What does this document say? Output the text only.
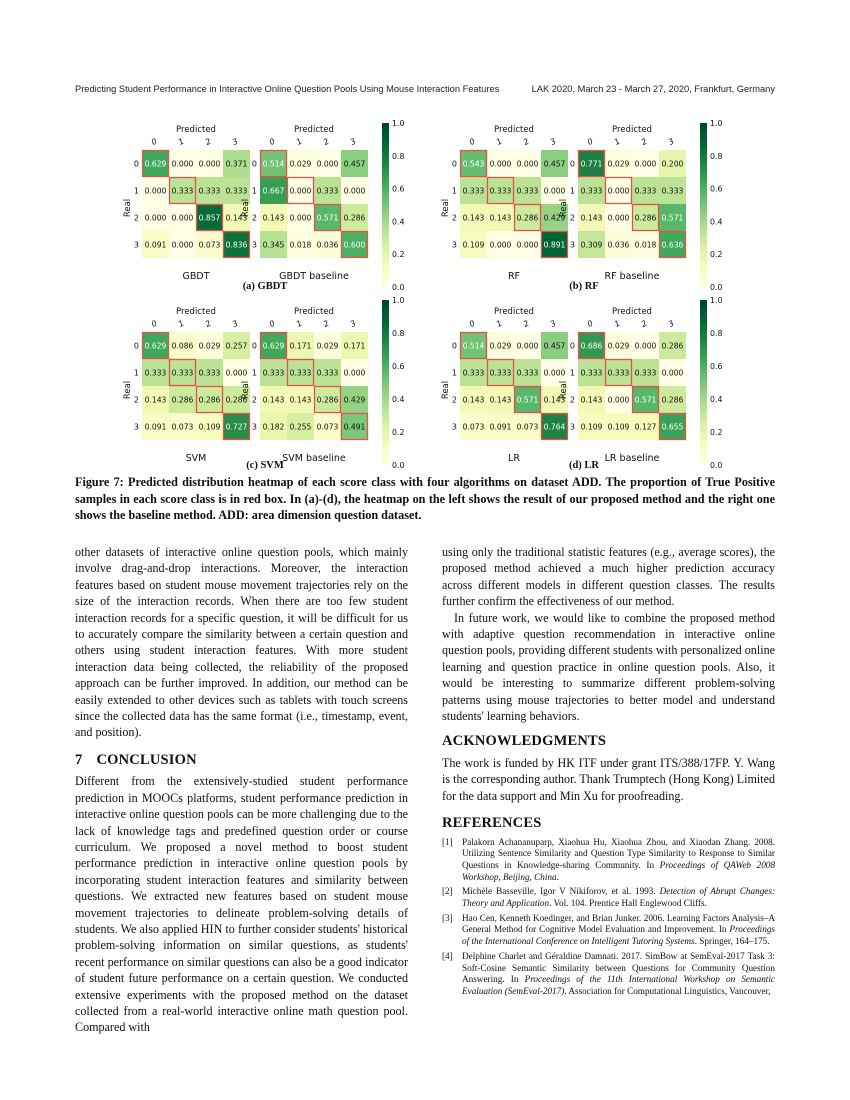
Predicting Student Performance in Interactive Online Question Pools Using Mouse Interaction Features	LAK 2020, March 23 - March 27, 2020, Frankfurt, Germany
Predicted
0 1 2 3
0 0.629 0.000 0.000 0.371
1 0.000 0.333 0.333 0.333
2 0.000 0.000 0.857 0.143
3 0.091 0.000 0.073 0.836
GBDT
Real
Real
Predicted
0 1 2 3
0 0.514 0.029 0.000 0.457
1 0.667 0.000 0.333 0.000
2 0.143 0.000 0.571 0.286
3 0.345 0.018 0.036 0.600
GBDT baseline
0.0
0.2
0.4
0.6
0.8
1.0
(a) GBDT
Predicted
0 1 2 3
0 0.543 0.000 0.000 0.457
1 0.333 0.333 0.333 0.000
2 0.143 0.143 0.286 0.429
3 0.109 0.000 0.000 0.891
RF
Real
Real
Predicted
0 1 2 3
0 0.771 0.029 0.000 0.200
1 0.333 0.000 0.333 0.333
2 0.143 0.000 0.286 0.571
3 0.309 0.036 0.018 0.636
RF baseline
0.0
0.2
0.4
0.6
0.8
1.0
(b) RF
Predicted
0 1 2 3
0 0.629 0.086 0.029 0.257
1 0.333 0.333 0.333 0.000
2 0.143 0.286 0.286 0.286
3 0.091 0.073 0.109 0.727
SVM
Real
Real
Predicted
0 1 2 3
0 0.629 0.171 0.029 0.171
1 0.333 0.333 0.333 0.000
2 0.143 0.143 0.286 0.429
3 0.182 0.255 0.073 0.491
SVM baseline
0.0
0.2
0.4
0.6
0.8
1.0
(c) SVM
Predicted
0 1 2 3
0 0.514 0.029 0.000 0.457
1 0.333 0.333 0.333 0.000
2 0.143 0.143 0.571 0.143
3 0.073 0.091 0.073 0.764
LR
Real
Real
Predicted
0 1 2 3
0 0.686 0.029 0.000 0.286
1 0.333 0.333 0.333 0.000
2 0.143 0.000 0.571 0.286
3 0.109 0.109 0.127 0.655
LR baseline
0.0
0.2
0.4
0.6
0.8
1.0
(d) LR
Figure 7: Predicted distribution heatmap of each score class with four algorithms on dataset ADD. The proportion of True Positive samples in each score class is in red box. In (a)-(d), the heatmap on the left shows the result of our proposed method and the right one shows the baseline method. ADD: area dimension question dataset.

other datasets of interactive online question pools, which mainly involve drag-and-drop interactions. Moreover, the interaction features based on student mouse movement trajectories rely on the size of the interaction records. When there are too few student interaction records for a specific question, it will be difficult for us to accurately compare the similarity between a certain question and others using student interaction features. With more student interaction data being collected, the reliability of the proposed approach can be further improved. In addition, our method can be easily extended to other devices such as tablets with touch screens since the collected data has the same format (i.e., timestamp, event, and position).

7 CONCLUSION

Different from the extensively-studied student performance prediction in MOOCs platforms, student performance prediction in interactive online question pools can be more challenging due to the lack of knowledge tags and predefined question order or course curriculum. We proposed a novel method to boost student performance prediction in interactive online question pools by incorporating student interaction features and similarity between questions. We extracted new features based on student mouse movement trajectories to delineate problem-solving details of students. We also applied HIN to further consider students' historical problem-solving information on similar questions, as students' recent performance on similar questions can also be a good indicator of student future performance on a certain question. We conducted extensive experiments with the proposed method on the dataset collected from a real-world interactive online math question pool. Compared with

using only the traditional statistic features (e.g., average scores), the proposed method achieved a much higher prediction accuracy across different models in different question classes. The results further confirm the effectiveness of our method.

In future work, we would like to combine the proposed method with adaptive question recommendation in interactive online question pools, providing different students with personalized online learning and question practice in online question pools. Also, it would be interesting to summarize different problem-solving patterns using mouse trajectories to better model and understand students' learning behaviors.

ACKNOWLEDGMENTS

The work is funded by HK ITF under grant ITS/388/17FP. Y. Wang is the corresponding author. Thank Trumptech (Hong Kong) Limited for the data support and Min Xu for proofreading.

REFERENCES
[1] Palakorn Achananuparp, Xiaohua Hu, Xiaohua Zhou, and Xiaodan Zhang. 2008. Utilizing Sentence Similarity and Question Type Similarity to Response to Similar Questions in Knowledge-sharing Community. In Proceedings of QAWeb 2008 Workshop, Beijing, China.
[2] Michèle Basseville, Igor V Nikiforov, et al. 1993. Detection of Abrupt Changes: Theory and Application. Vol. 104. Prentice Hall Englewood Cliffs.
[3] Hao Cen, Kenneth Koedinger, and Brian Junker. 2006. Learning Factors Analysis–A General Method for Cognitive Model Evaluation and Improvement. In Proceedings of the International Conference on Intelligent Tutoring Systems. Springer, 164–175.
[4] Delphine Charlet and Géraldine Damnati. 2017. SimBow at SemEval-2017 Task 3: Soft-Cosine Semantic Similarity between Questions for Community Question Answering. In Proceedings of the 11th International Workshop on Semantic Evaluation (SemEval-2017). Association for Computational Linguistics, Vancouver,
